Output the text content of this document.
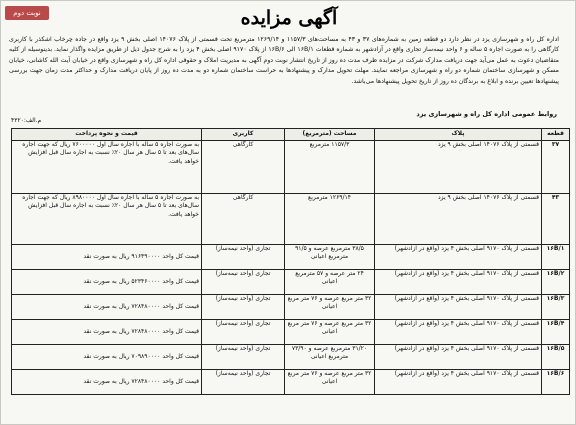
نوبت دوم	آگهی مزایده
اداره کل راه و شهرسازی یزد در نظر دارد دو قطعه زمین به شماره‌های ۳۷ و ۴۳ به مساحت‌های ۱۱۵۷/۳ و ۱۲۶۹/۱۴ مترمربع تحت قسمتی از پلاک ۱۴۰۷۶ اصلی بخش ۹ یزد واقع در جاده چرخاب اشکذر با کاربری کارگاهی را به صورت اجاره ۵ ساله و ۶ واحد نیمه‌ساز تجاری واقع در آزادشهر به شماره قطعات ۱۶B/۱ الی ۱۶B/۶ از پلاک ۹۱۷۰ اصلی بخش ۴ یزد را به شرح جدول ذیل از طریق مزایده واگذار نماید. بدینوسیله از کلیه متقاضیان دعوت به عمل می‌آید جهت دریافت مدارک شرکت در مزایده ظرف مدت ده روز از تاریخ انتشار نوبت دوم آگهی به مدیریت املاک و حقوقی اداره کل راه و شهرسازی واقع در خیابان آیت الله کاشانی، خیابان مسکن و شهرسازی ساختمان شماره دو راه و شهرسازی مراجعه نمایند. مهلت تحویل مدارک و پیشنهادها به حراست ساختمان شماره دو به مدت ده روز از پایان دریافت مدارک و حداکثر مدت زمان جهت بررسی پیشنهادها تعیین برنده و ابلاغ به برندگان ده روز از تاریخ تحویل پیشنهادها می‌باشد.
روابط عمومی اداره کل راه و شهرسازی یزد
م.الف:۴۳۲۰
قطعه	پلاک	مساحت (مترمربع)	کاربری	قیمت و نحوه پرداخت
۳۷	قسمتی از پلاک ۱۴۰۷۶ اصلی بخش ۹ یزد	۱۱۵۷/۳ مترمربع	کارگاهی	به صورت اجاره ۵ ساله با اجاره سال اول ۷۶۰۰۰۰۰ ریال که جهت اجاره سال‌های بعد تا ۵ سال هر سال ۲۰٪ نسبت به اجاره سال قبل افزایش خواهد یافت.
۴۳	قسمتی از پلاک ۱۴۰۷۶ اصلی بخش ۹ یزد	۱۲۶۹/۱۴ مترمربع	کارگاهی	به صورت اجاره ۵ ساله با اجاره سال اول ۸۹۸۰۰۰۰ ریال که جهت اجاره سال‌های بعد تا ۵ سال هر سال ۲۰٪ نسبت به اجاره سال قبل افزایش خواهد یافت.
۱۶B/۱	قسمتی از پلاک ۹۱۷۰ اصلی بخش ۴ یزد (واقع در آزادشهر)	۳۸/۵ مترمربع عرصه و ۹۱/۵ مترمربع اعیانی	تجاری (واحد نیمه‌ساز)	قیمت کل واحد ۹۱۶۴۹۰۰۰۰ ریال به صورت نقد
۱۶B/۲	قسمتی از پلاک ۹۱۷۰ اصلی بخش ۴ یزد (واقع در آزادشهر)	۲۴ متر عرصه و ۵۷ مترمربع اعیانی	تجاری (واحد نیمه‌ساز)	قیمت کل واحد ۵۲۳۴۶۰۰۰۰ ریال به صورت نقد
۱۶B/۳	قسمتی از پلاک ۹۱۷۰ اصلی بخش ۴ یزد (واقع در آزادشهر)	۳۲ متر مربع عرصه و ۷۶ متر مربع اعیانی	تجاری (واحد نیمه‌ساز)	قیمت کل واحد ۷۲۸۴۸۰۰۰۰ ریال به صورت نقد
۱۶B/۴	قسمتی از پلاک ۹۱۷۰ اصلی بخش ۴ یزد (واقع در آزادشهر)	۳۲ متر مربع عرصه و ۷۶ متر مربع اعیانی	تجاری (واحد نیمه‌ساز)	قیمت کل واحد ۷۲۸۴۸۰۰۰۰ ریال به صورت نقد
۱۶B/۵	قسمتی از پلاک ۹۱۷۰ اصلی بخش ۴ یزد (واقع در آزادشهر)	۳۱/۲۰ مترمربع عرصه و ۷۳/۹۰ مترمربع اعیانی	تجاری (واحد نیمه‌ساز)	قیمت کل واحد ۷۰۹۸۹۰۰۰۰ ریال به صورت نقد
۱۶B/۶	قسمتی از پلاک ۹۱۷۰ اصلی بخش ۴ یزد (واقع در آزادشهر)	۳۲ متر مربع عرصه و ۷۶ متر مربع اعیانی	تجاری (واحد نیمه‌ساز)	قیمت کل واحد ۷۲۸۴۸۰۰۰۰ ریال به صورت نقد
